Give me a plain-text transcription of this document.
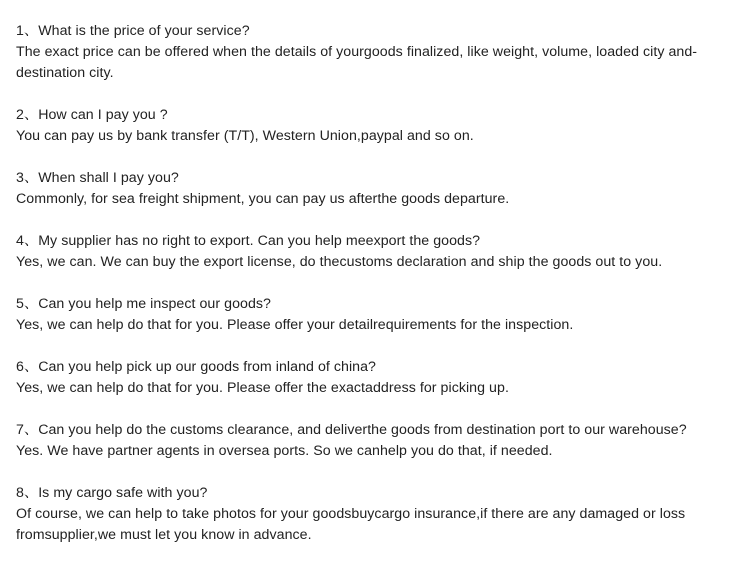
1、What is the price of your service?

The exact price can be offered when the details of yourgoods finalized, like weight, volume, loaded city and-destination city.

2、How can I pay you ?

You can pay us by bank transfer (T/T), Western Union,paypal and so on.

3、When shall I pay you?

Commonly, for sea freight shipment, you can pay us afterthe goods departure.

4、My supplier has no right to export. Can you help meexport the goods?

Yes, we can. We can buy the export license, do thecustoms declaration and ship the goods out to you.

5、Can you help me inspect our goods?

Yes, we can help do that for you. Please offer your detailrequirements for the inspection.

6、Can you help pick up our goods from inland of china?

Yes, we can help do that for you. Please offer the exactaddress for picking up.

7、Can you help do the customs clearance, and deliverthe goods from destination port to our warehouse?

Yes. We have partner agents in oversea ports. So we canhelp you do that, if needed.

8、Is my cargo safe with you?

Of course, we can help to take photos for your goodsbuycargo insurance,if there are any damaged or loss fromsupplier,we must let you know in advance.
